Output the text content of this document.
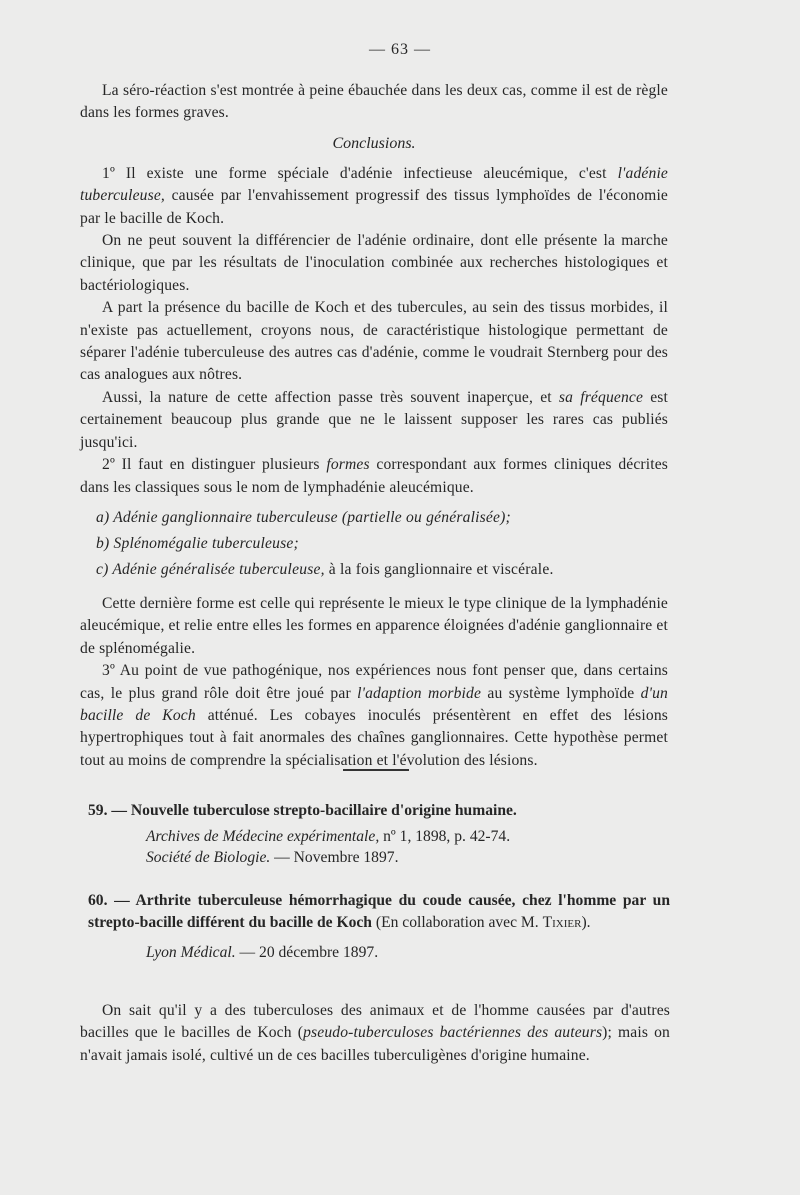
— 63 —

La séro-réaction s'est montrée à peine ébauchée dans les deux cas, comme il est de règle dans les formes graves.

Conclusions.

1º Il existe une forme spéciale d'adénie infectieuse aleucémique, c'est l'adénie tuberculeuse, causée par l'envahissement progressif des tissus lymphoïdes de l'économie par le bacille de Koch.

On ne peut souvent la différencier de l'adénie ordinaire, dont elle présente la marche clinique, que par les résultats de l'inoculation combinée aux recherches histologiques et bactériologiques.

A part la présence du bacille de Koch et des tubercules, au sein des tissus morbides, il n'existe pas actuellement, croyons nous, de caractéristique histologique permettant de séparer l'adénie tuberculeuse des autres cas d'adénie, comme le voudrait Sternberg pour des cas analogues aux nôtres.

Aussi, la nature de cette affection passe très souvent inaperçue, et sa fréquence est certainement beaucoup plus grande que ne le laissent supposer les rares cas publiés jusqu'ici.

2º Il faut en distinguer plusieurs formes correspondant aux formes cliniques décrites dans les classiques sous le nom de lymphadénie aleucémique.

a) Adénie ganglionnaire tuberculeuse (partielle ou généralisée);

b) Splénomégalie tuberculeuse;

c) Adénie généralisée tuberculeuse, à la fois ganglionnaire et viscérale.

Cette dernière forme est celle qui représente le mieux le type clinique de la lymphadénie aleucémique, et relie entre elles les formes en apparence éloignées d'adénie ganglionnaire et de splénomégalie.

3º Au point de vue pathogénique, nos expériences nous font penser que, dans certains cas, le plus grand rôle doit être joué par l'adaption morbide au système lymphoïde d'un bacille de Koch atténué. Les cobayes inoculés présentèrent en effet des lésions hypertrophiques tout à fait anormales des chaînes ganglionnaires. Cette hypothèse permet tout au moins de comprendre la spécialisation et l'évolution des lésions.

59. — Nouvelle tuberculose strepto-bacillaire d'origine humaine.

Archives de Médecine expérimentale, nº 1, 1898, p. 42-74.

Société de Biologie. — Novembre 1897.

60. — Arthrite tuberculeuse hémorrhagique du coude causée, chez l'homme par un strepto-bacille différent du bacille de Koch (En collaboration avec M. Tixier).

Lyon Médical. — 20 décembre 1897.

On sait qu'il y a des tuberculoses des animaux et de l'homme causées par d'autres bacilles que le bacilles de Koch (pseudo-tuberculoses bactériennes des auteurs); mais on n'avait jamais isolé, cultivé un de ces bacilles tuberculigènes d'origine humaine.
